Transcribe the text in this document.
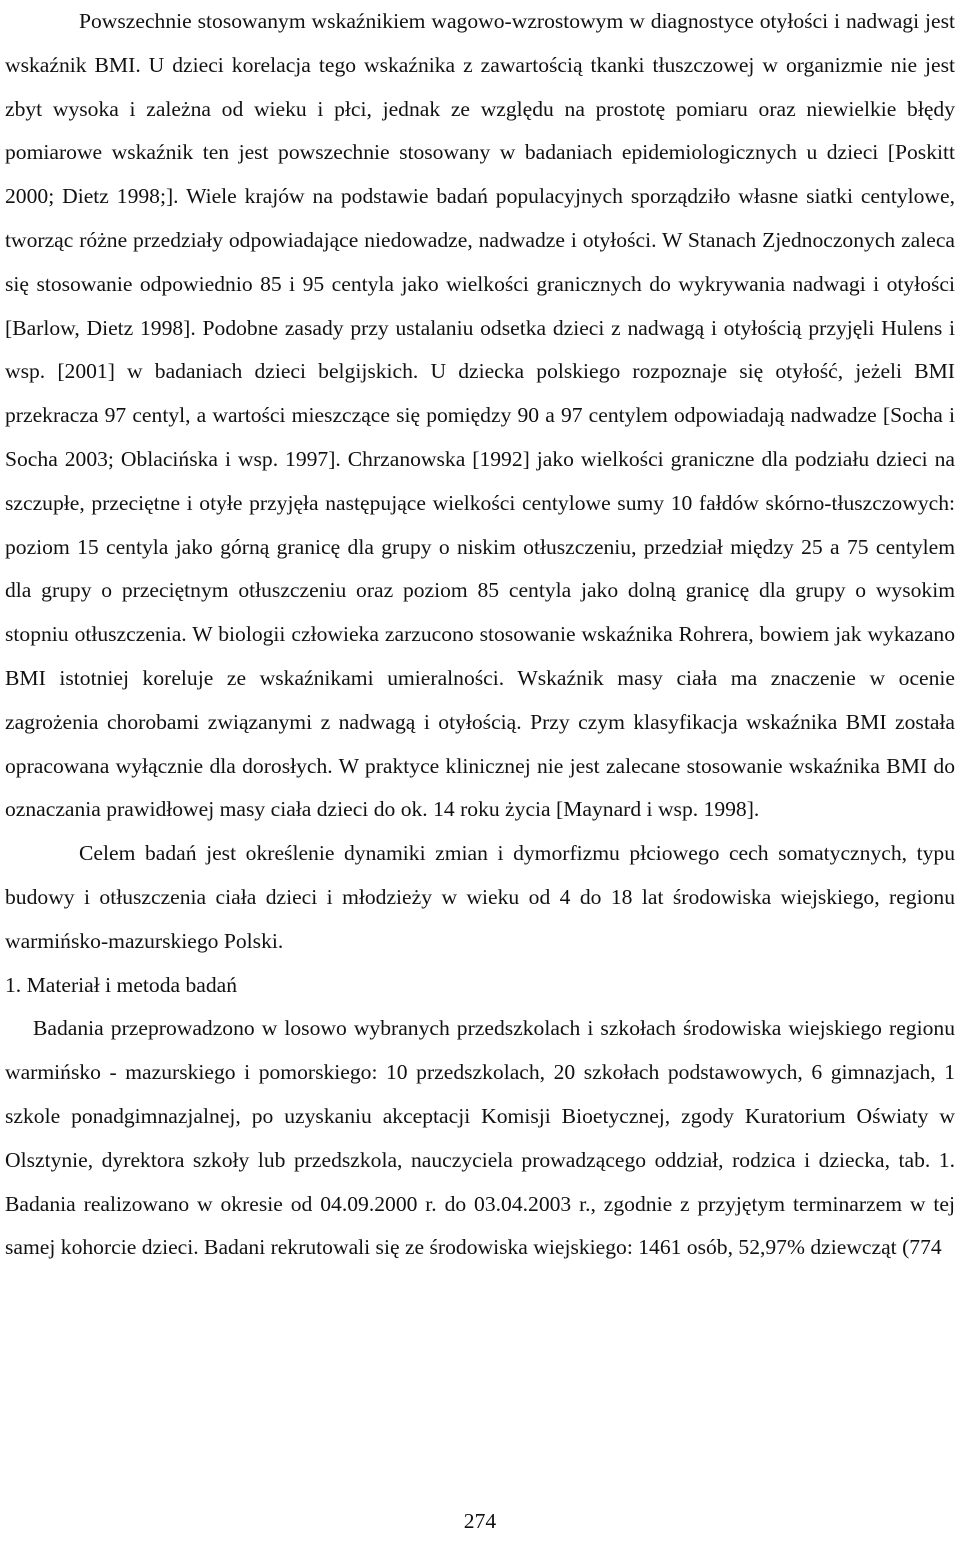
Powszechnie stosowanym wskaźnikiem wagowo-wzrostowym w diagnostyce otyłości i nadwagi jest wskaźnik BMI. U dzieci korelacja tego wskaźnika z zawartością tkanki tłuszczowej w organizmie nie jest zbyt wysoka i zależna od wieku i płci, jednak ze względu na prostotę pomiaru oraz niewielkie błędy pomiarowe wskaźnik ten jest powszechnie stosowany w badaniach epidemiologicznych u dzieci [Poskitt 2000; Dietz 1998;]. Wiele krajów na podstawie badań populacyjnych sporządziło własne siatki centylowe, tworząc różne przedziały odpowiadające niedowadze, nadwadze i otyłości. W Stanach Zjednoczonych zaleca się stosowanie odpowiednio 85 i 95 centyla jako wielkości granicznych do wykrywania nadwagi i otyłości [Barlow, Dietz 1998]. Podobne zasady przy ustalaniu odsetka dzieci z nadwagą i otyłością przyjęli Hulens i wsp. [2001] w badaniach dzieci belgijskich. U dziecka polskiego rozpoznaje się otyłość, jeżeli BMI przekracza 97 centyl, a wartości mieszczące się pomiędzy 90 a 97 centylem odpowiadają nadwadze [Socha i Socha 2003; Oblacińska i wsp. 1997]. Chrzanowska [1992] jako wielkości graniczne dla podziału dzieci na szczupłe, przeciętne i otyłe przyjęła następujące wielkości centylowe sumy 10 fałdów skórno-tłuszczowych: poziom 15 centyla jako górną granicę dla grupy o niskim otłuszczeniu, przedział między 25 a 75 centylem dla grupy o przeciętnym otłuszczeniu oraz poziom 85 centyla jako dolną granicę dla grupy o wysokim stopniu otłuszczenia. W biologii człowieka zarzucono stosowanie wskaźnika Rohrera, bowiem jak wykazano BMI istotniej koreluje ze wskaźnikami umieralności. Wskaźnik masy ciała ma znaczenie w ocenie zagrożenia chorobami związanymi z nadwagą i otyłością. Przy czym klasyfikacja wskaźnika BMI została opracowana wyłącznie dla dorosłych. W praktyce klinicznej nie jest zalecane stosowanie wskaźnika BMI do oznaczania prawidłowej masy ciała dzieci do ok. 14 roku życia [Maynard i wsp. 1998].

Celem badań jest określenie dynamiki zmian i dymorfizmu płciowego cech somatycznych, typu budowy i otłuszczenia ciała dzieci i młodzieży w wieku od 4 do 18 lat środowiska wiejskiego, regionu warmińsko-mazurskiego Polski.

1. Materiał i metoda badań

Badania przeprowadzono w losowo wybranych przedszkolach i szkołach środowiska wiejskiego regionu warmińsko - mazurskiego i pomorskiego: 10 przedszkolach, 20 szkołach podstawowych, 6 gimnazjach, 1 szkole ponadgimnazjalnej, po uzyskaniu akceptacji Komisji Bioetycznej, zgody Kuratorium Oświaty w Olsztynie, dyrektora szkoły lub przedszkola, nauczyciela prowadzącego oddział, rodzica i dziecka, tab. 1. Badania realizowano w okresie od 04.09.2000 r. do 03.04.2003 r., zgodnie z przyjętym terminarzem w tej samej kohorcie dzieci. Badani rekrutowali się ze środowiska wiejskiego: 1461 osób, 52,97% dziewcząt (774

274
